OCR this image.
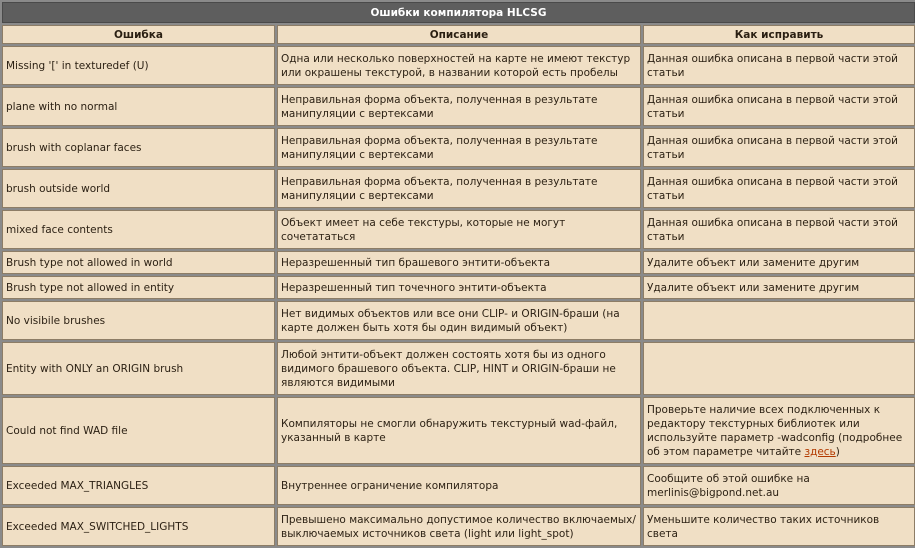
Ошибки компилятора HLCSG		
Ошибка	Описание	Как исправить
Missing '[' in texturedef (U)	Одна или несколько поверхностей на карте не имеют текстур или окрашены текстурой, в названии которой есть пробелы	Данная ошибка описана в первой части этой статьи
plane with no normal	Неправильная форма объекта, полученная в результате манипуляции с вертексами	Данная ошибка описана в первой части этой статьи
brush with coplanar faces	Неправильная форма объекта, полученная в результате манипуляции с вертексами	Данная ошибка описана в первой части этой статьи
brush outside world	Неправильная форма объекта, полученная в результате манипуляции с вертексами	Данная ошибка описана в первой части этой статьи
mixed face contents	Объект имеет на себе текстуры, которые не могут сочетататься	Данная ошибка описана в первой части этой статьи
Brush type not allowed in world	Неразрешенный тип брашевого энтити-объекта	Удалите объект или замените другим
Brush type not allowed in entity	Неразрешенный тип точечного энтити-объекта	Удалите объект или замените другим
No visibile brushes	Нет видимых объектов или все они CLIP- и ORIGIN-браши (на карте должен быть хотя бы один видимый объект)	
Entity with ONLY an ORIGIN brush	Любой энтити-объект должен состоять хотя бы из одного видимого брашевого объекта. CLIP, HINT и ORIGIN-браши не являются видимыми	
Could not find WAD file	Компиляторы не смогли обнаружить текстурный wad-файл, указанный в карте	Проверьте наличие всех подключенных к редактору текстурных библиотек или используйте параметр -wadconfig (подробнее об этом параметре читайте здесь)
Exceeded MAX_TRIANGLES	Внутреннее ограничение компилятора	Сообщите об этой ошибке на merlinis@bigpond.net.au
Exceeded MAX_SWITCHED_LIGHTS	Превышено максимально допустимое количество включаемых/выключаемых источников света (light или light_spot)	Уменьшите количество таких источников света
